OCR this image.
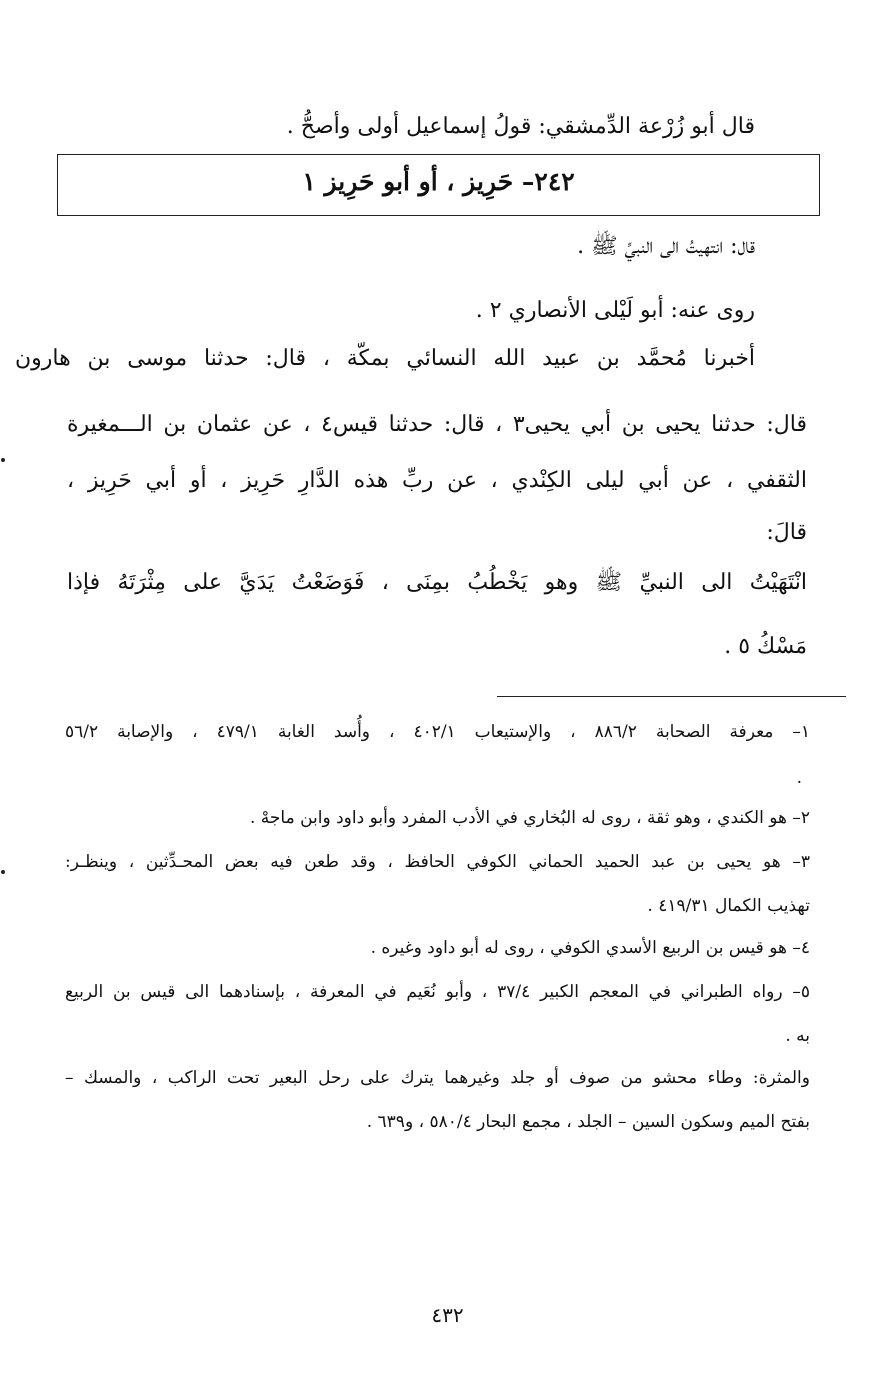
قال أبو زُرْعة الدِّمشقي: قولُ إسماعيل أولى وأصحُّ .
٢٤٢– حَرِيز ، أو أبو حَرِيز ١
قال: انتهيتُ الى النبيِّ ﷺ .
روى عنه: أبو لَيْلى الأنصاري ٢ .
أخبرنا مُحمَّد بن عبيد الله النسائي بمكّة ، قال: حدثنا موسى بن هارون
قال: حدثنا يحيى بن أبي يحيى٣ ، قال: حدثنا قيس٤ ، عن عثمان بن الـــمغيرة
الثقفي ، عن أبي ليلى الكِنْدي ، عن ربِّ هذه الدَّارِ حَرِيز ، أو أبي حَرِيز ،
قالَ:
انْتَهَيْتُ الى النبيِّ ﷺ وهو يَخْطُبُ بمِنَى ، فَوَضَعْتُ يَدَيَّ على مِثْرَتَهُ فإذا
مَسْكُ ٥ .
١– معرفة الصحابة ٨٨٦/٢ ، والإستيعاب ٤٠٢/١ ، وأُسد الغابة ٤٧٩/١ ، والإصابة ٥٦/٢
.
٢– هو الكندي ، وهو ثقة ، روى له البُخاري في الأدب المفرد وأبو داود وابن ماجهْ .
٣– هو يحيى بن عبد الحميد الحماني الكوفي الحافظ ، وقد طعن فيه بعض المحـدِّثين ، وينظـر:
تهذيب الكمال ٤١٩/٣١ .
٤– هو قيس بن الربيع الأسدي الكوفي ، روى له أبو داود وغيره .
٥– رواه الطبراني في المعجم الكبير ٣٧/٤ ، وأبو نُعَيم في المعرفة ، بإسنادهما الى قيس بن الربيع
به .
والمثرة: وطاء محشو من صوف أو جلد وغيرهما يترك على رحل البعير تحت الراكب ، والمسك –
بفتح الميم وسكون السين – الجلد ، مجمع البحار ٥٨٠/٤ ، و٦٣٩ .
٤٣٢
